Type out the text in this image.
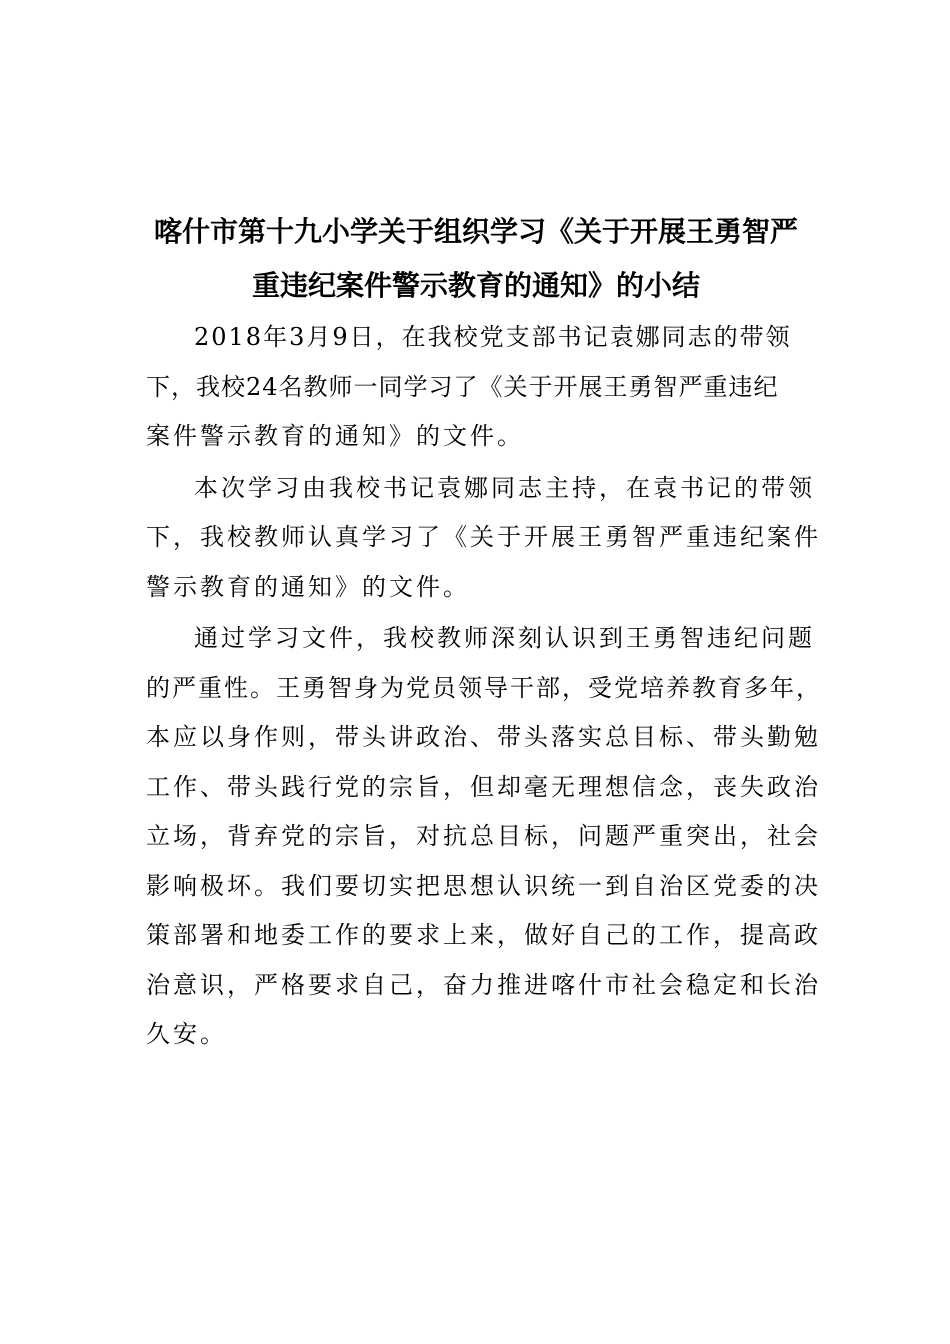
喀什市第十九小学关于组织学习《关于开展王勇智严
重违纪案件警示教育的通知》的小结

2018年3月9日，在我校党支部书记袁娜同志的带领
下，我校24名教师一同学习了《关于开展王勇智严重违纪
案件警示教育的通知》的文件。

本次学习由我校书记袁娜同志主持，在袁书记的带领
下，我校教师认真学习了《关于开展王勇智严重违纪案件
警示教育的通知》的文件。

通过学习文件，我校教师深刻认识到王勇智违纪问题
的严重性。王勇智身为党员领导干部，受党培养教育多年，
本应以身作则，带头讲政治、带头落实总目标、带头勤勉
工作、带头践行党的宗旨，但却毫无理想信念，丧失政治
立场，背弃党的宗旨，对抗总目标，问题严重突出，社会
影响极坏。我们要切实把思想认识统一到自治区党委的决
策部署和地委工作的要求上来，做好自己的工作，提高政
治意识，严格要求自己，奋力推进喀什市社会稳定和长治
久安。
